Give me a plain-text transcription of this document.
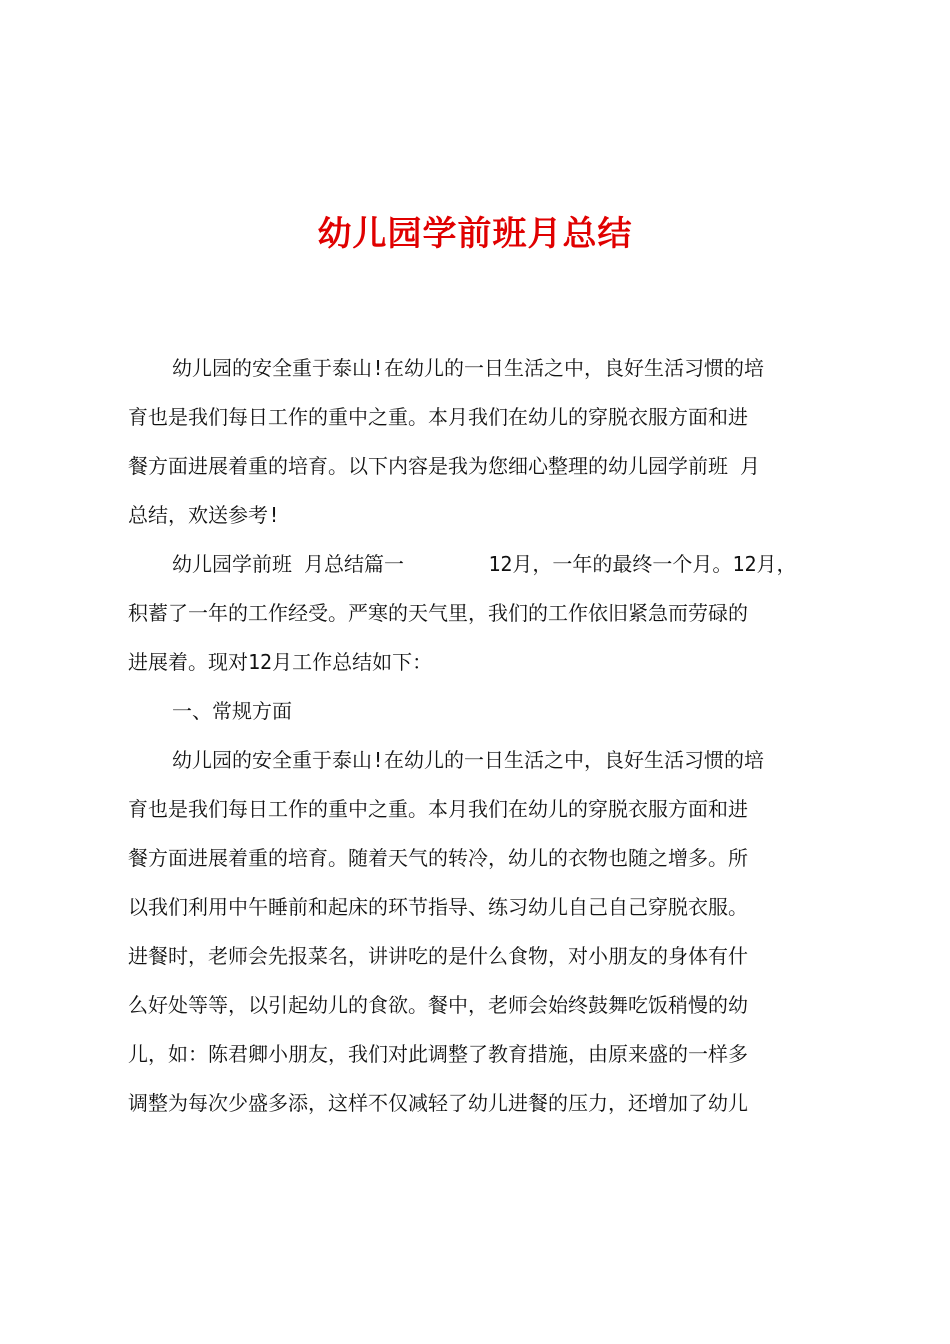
幼儿园学前班月总结
幼儿园的安全重于泰山!在幼儿的一日生活之中，良好生活习惯的培
育也是我们每日工作的重中之重。本月我们在幼儿的穿脱衣服方面和进
餐方面进展着重的培育。以下内容是我为您细心整理的幼儿园学前班 月
总结，欢送参考!
幼儿园学前班 月总结篇一       12月，一年的最终一个月。12月，
积蓄了一年的工作经受。严寒的天气里，我们的工作依旧紧急而劳碌的
进展着。现对12月工作总结如下：
一、常规方面
幼儿园的安全重于泰山!在幼儿的一日生活之中，良好生活习惯的培
育也是我们每日工作的重中之重。本月我们在幼儿的穿脱衣服方面和进
餐方面进展着重的培育。随着天气的转冷，幼儿的衣物也随之增多。所
以我们利用中午睡前和起床的环节指导、练习幼儿自己自己穿脱衣服。
进餐时，老师会先报菜名，讲讲吃的是什么食物，对小朋友的身体有什
么好处等等，以引起幼儿的食欲。餐中，老师会始终鼓舞吃饭稍慢的幼
儿，如：陈君卿小朋友，我们对此调整了教育措施，由原来盛的一样多
调整为每次少盛多添，这样不仅减轻了幼儿进餐的压力，还增加了幼儿
